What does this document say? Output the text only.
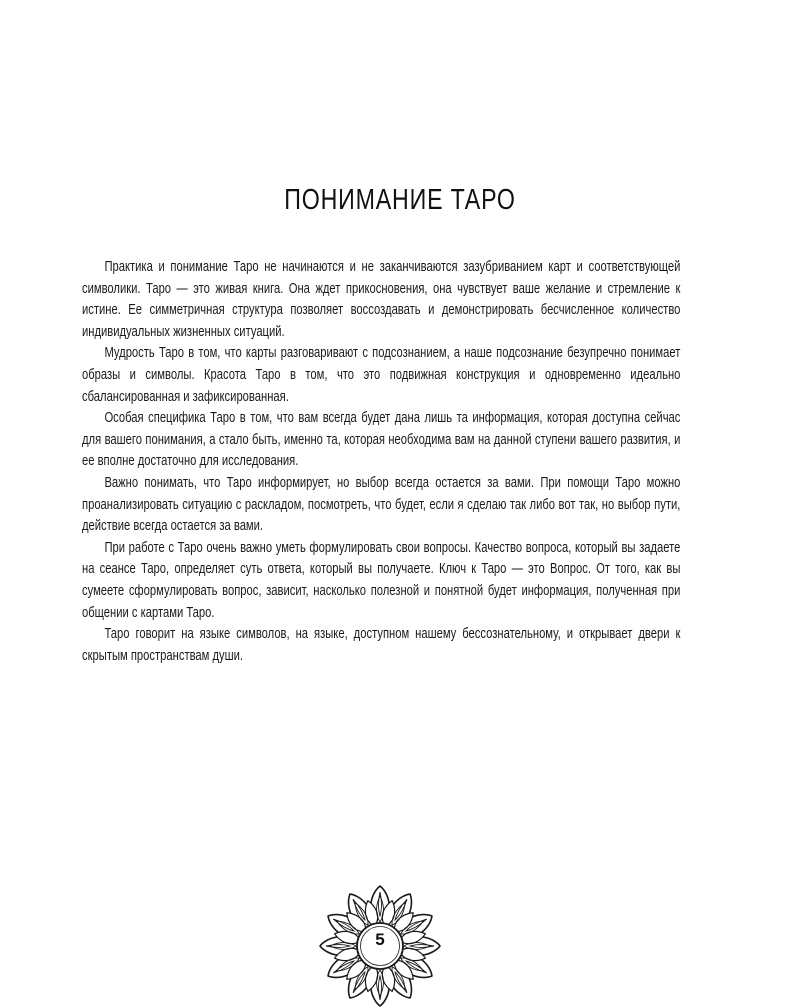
ПОНИМАНИЕ ТАРО

Практика и понимание Таро не начинаются и не заканчиваются зазубриванием карт и соответствующей символики. Таро — это живая книга. Она ждет прикосновения, она чувствует ваше желание и стремление к истине. Ее симметричная структура позволяет воссоздавать и демонстрировать бесчисленное количество индивидуальных жизненных ситуаций.

Мудрость Таро в том, что карты разговаривают с подсознанием, а наше подсознание безупречно понимает образы и символы. Красота Таро в том, что это подвижная конструкция и одновременно идеально сбалансированная и зафиксированная.

Особая специфика Таро в том, что вам всегда будет дана лишь та информация, которая доступна сейчас для вашего понимания, а стало быть, именно та, которая необходима вам на данной ступени вашего развития, и ее вполне достаточно для исследования.

Важно понимать, что Таро информирует, но выбор всегда остается за вами. При помощи Таро можно проанализировать ситуацию с раскладом, посмотреть, что будет, если я сделаю так либо вот так, но выбор пути, действие всегда остается за вами.

При работе с Таро очень важно уметь формулировать свои вопросы. Качество вопроса, который вы задаете на сеансе Таро, определяет суть ответа, который вы получаете. Ключ к Таро — это Вопрос. От того, как вы сумеете сформулировать вопрос, зависит, насколько полезной и понятной будет информация, полученная при общении с картами Таро.

Таро говорит на языке символов, на языке, доступном нашему бессознательному, и открывает двери к скрытым пространствам души.

5
